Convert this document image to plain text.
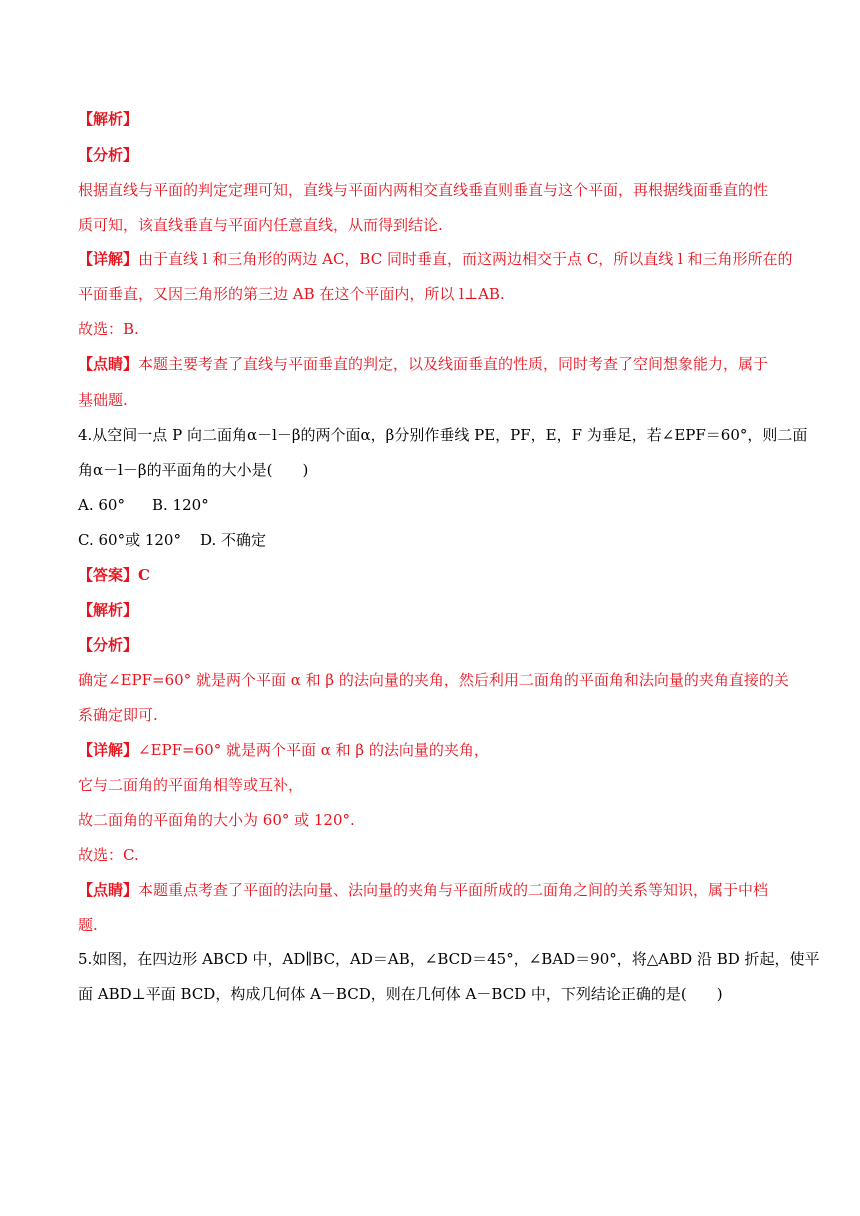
【解析】
【分析】
根据直线与平面的判定定理可知，直线与平面内两相交直线垂直则垂直与这个平面，再根据线面垂直的性
质可知，该直线垂直与平面内任意直线，从而得到结论.
【详解】由于直线 l 和三角形的两边 AC，BC 同时垂直，而这两边相交于点 C，所以直线 l 和三角形所在的
平面垂直，又因三角形的第三边 AB 在这个平面内，所以 l⊥AB.
故选：B.
【点睛】本题主要考查了直线与平面垂直的判定，以及线面垂直的性质，同时考查了空间想象能力，属于
基础题.
4.从空间一点 P 向二面角α－l－β的两个面α，β分别作垂线 PE，PF，E，F 为垂足，若∠EPF＝60°，则二面
角α－l－β的平面角的大小是(　　)
A. 60° B. 120°
C. 60°或 120° D. 不确定
【答案】C
【解析】
【分析】
确定∠EPF=60° 就是两个平面 α 和 β 的法向量的夹角，然后利用二面角的平面角和法向量的夹角直接的关
系确定即可.
【详解】∠EPF=60° 就是两个平面 α 和 β 的法向量的夹角，
它与二面角的平面角相等或互补，
故二面角的平面角的大小为 60° 或 120°.
故选：C.
【点睛】本题重点考查了平面的法向量、法向量的夹角与平面所成的二面角之间的关系等知识，属于中档
题.
5.如图，在四边形 ABCD 中，AD∥BC，AD＝AB，∠BCD＝45°，∠BAD＝90°，将△ABD 沿 BD 折起，使平
面 ABD⊥平面 BCD，构成几何体 A－BCD，则在几何体 A－BCD 中，下列结论正确的是(　　)
